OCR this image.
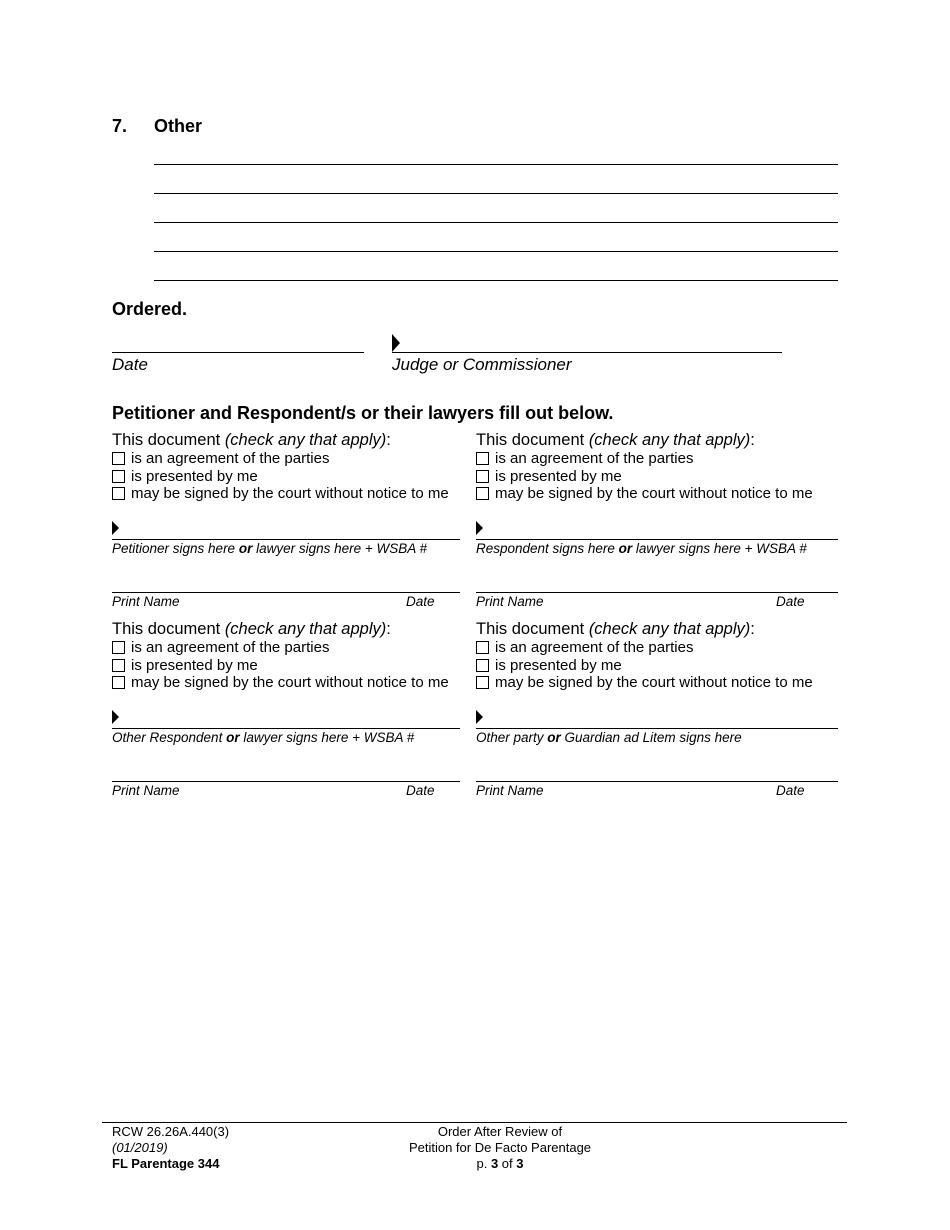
7. Other
Ordered.
Date	Judge or Commissioner
Petitioner and Respondent/s or their lawyers fill out below.
This document (check any that apply):
is an agreement of the parties
is presented by me
may be signed by the court without notice to me
This document (check any that apply):
is an agreement of the parties
is presented by me
may be signed by the court without notice to me
Petitioner signs here or lawyer signs here + WSBA #	Respondent signs here or lawyer signs here + WSBA #
Print Name	Date	Print Name	Date
This document (check any that apply):
is an agreement of the parties
is presented by me
may be signed by the court without notice to me
This document (check any that apply):
is an agreement of the parties
is presented by me
may be signed by the court without notice to me
Other Respondent or lawyer signs here + WSBA #	Other party or Guardian ad Litem signs here
Print Name	Date	Print Name	Date
RCW 26.26A.440(3)
(01/2019)
FL Parentage 344
Order After Review of
Petition for De Facto Parentage
p. 3 of 3
